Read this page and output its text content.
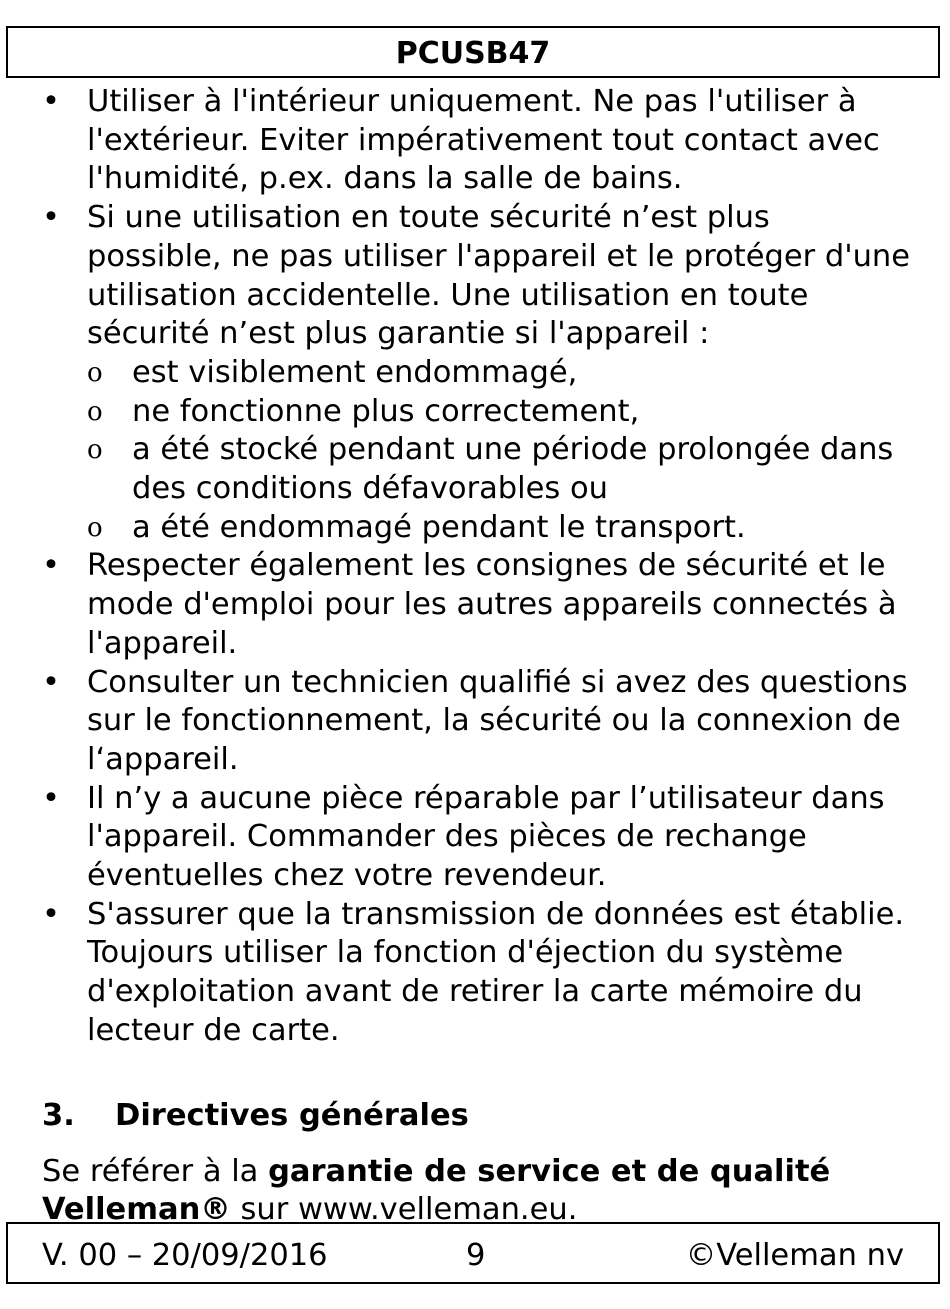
PCUSB47
• Utiliser à l'intérieur uniquement. Ne pas l'utiliser à l'extérieur. Eviter impérativement tout contact avec l'humidité, p.ex. dans la salle de bains.
• Si une utilisation en toute sécurité n’est plus possible, ne pas utiliser l'appareil et le protéger d'une utilisation accidentelle. Une utilisation en toute sécurité n’est plus garantie si l'appareil :
o est visiblement endommagé,
o ne fonctionne plus correctement,
o a été stocké pendant une période prolongée dans des conditions défavorables ou
o a été endommagé pendant le transport.
• Respecter également les consignes de sécurité et le mode d'emploi pour les autres appareils connectés à l'appareil.
• Consulter un technicien qualifié si avez des questions sur le fonctionnement, la sécurité ou la connexion de l‘appareil.
• Il n’y a aucune pièce réparable par l’utilisateur dans l'appareil. Commander des pièces de rechange éventuelles chez votre revendeur.
• S'assurer que la transmission de données est établie. Toujours utiliser la fonction d'éjection du système d'exploitation avant de retirer la carte mémoire du lecteur de carte.
3.	Directives générales
Se référer à la garantie de service et de qualité Velleman® sur www.velleman.eu.
V. 00 – 20/09/2016	9	©Velleman nv
